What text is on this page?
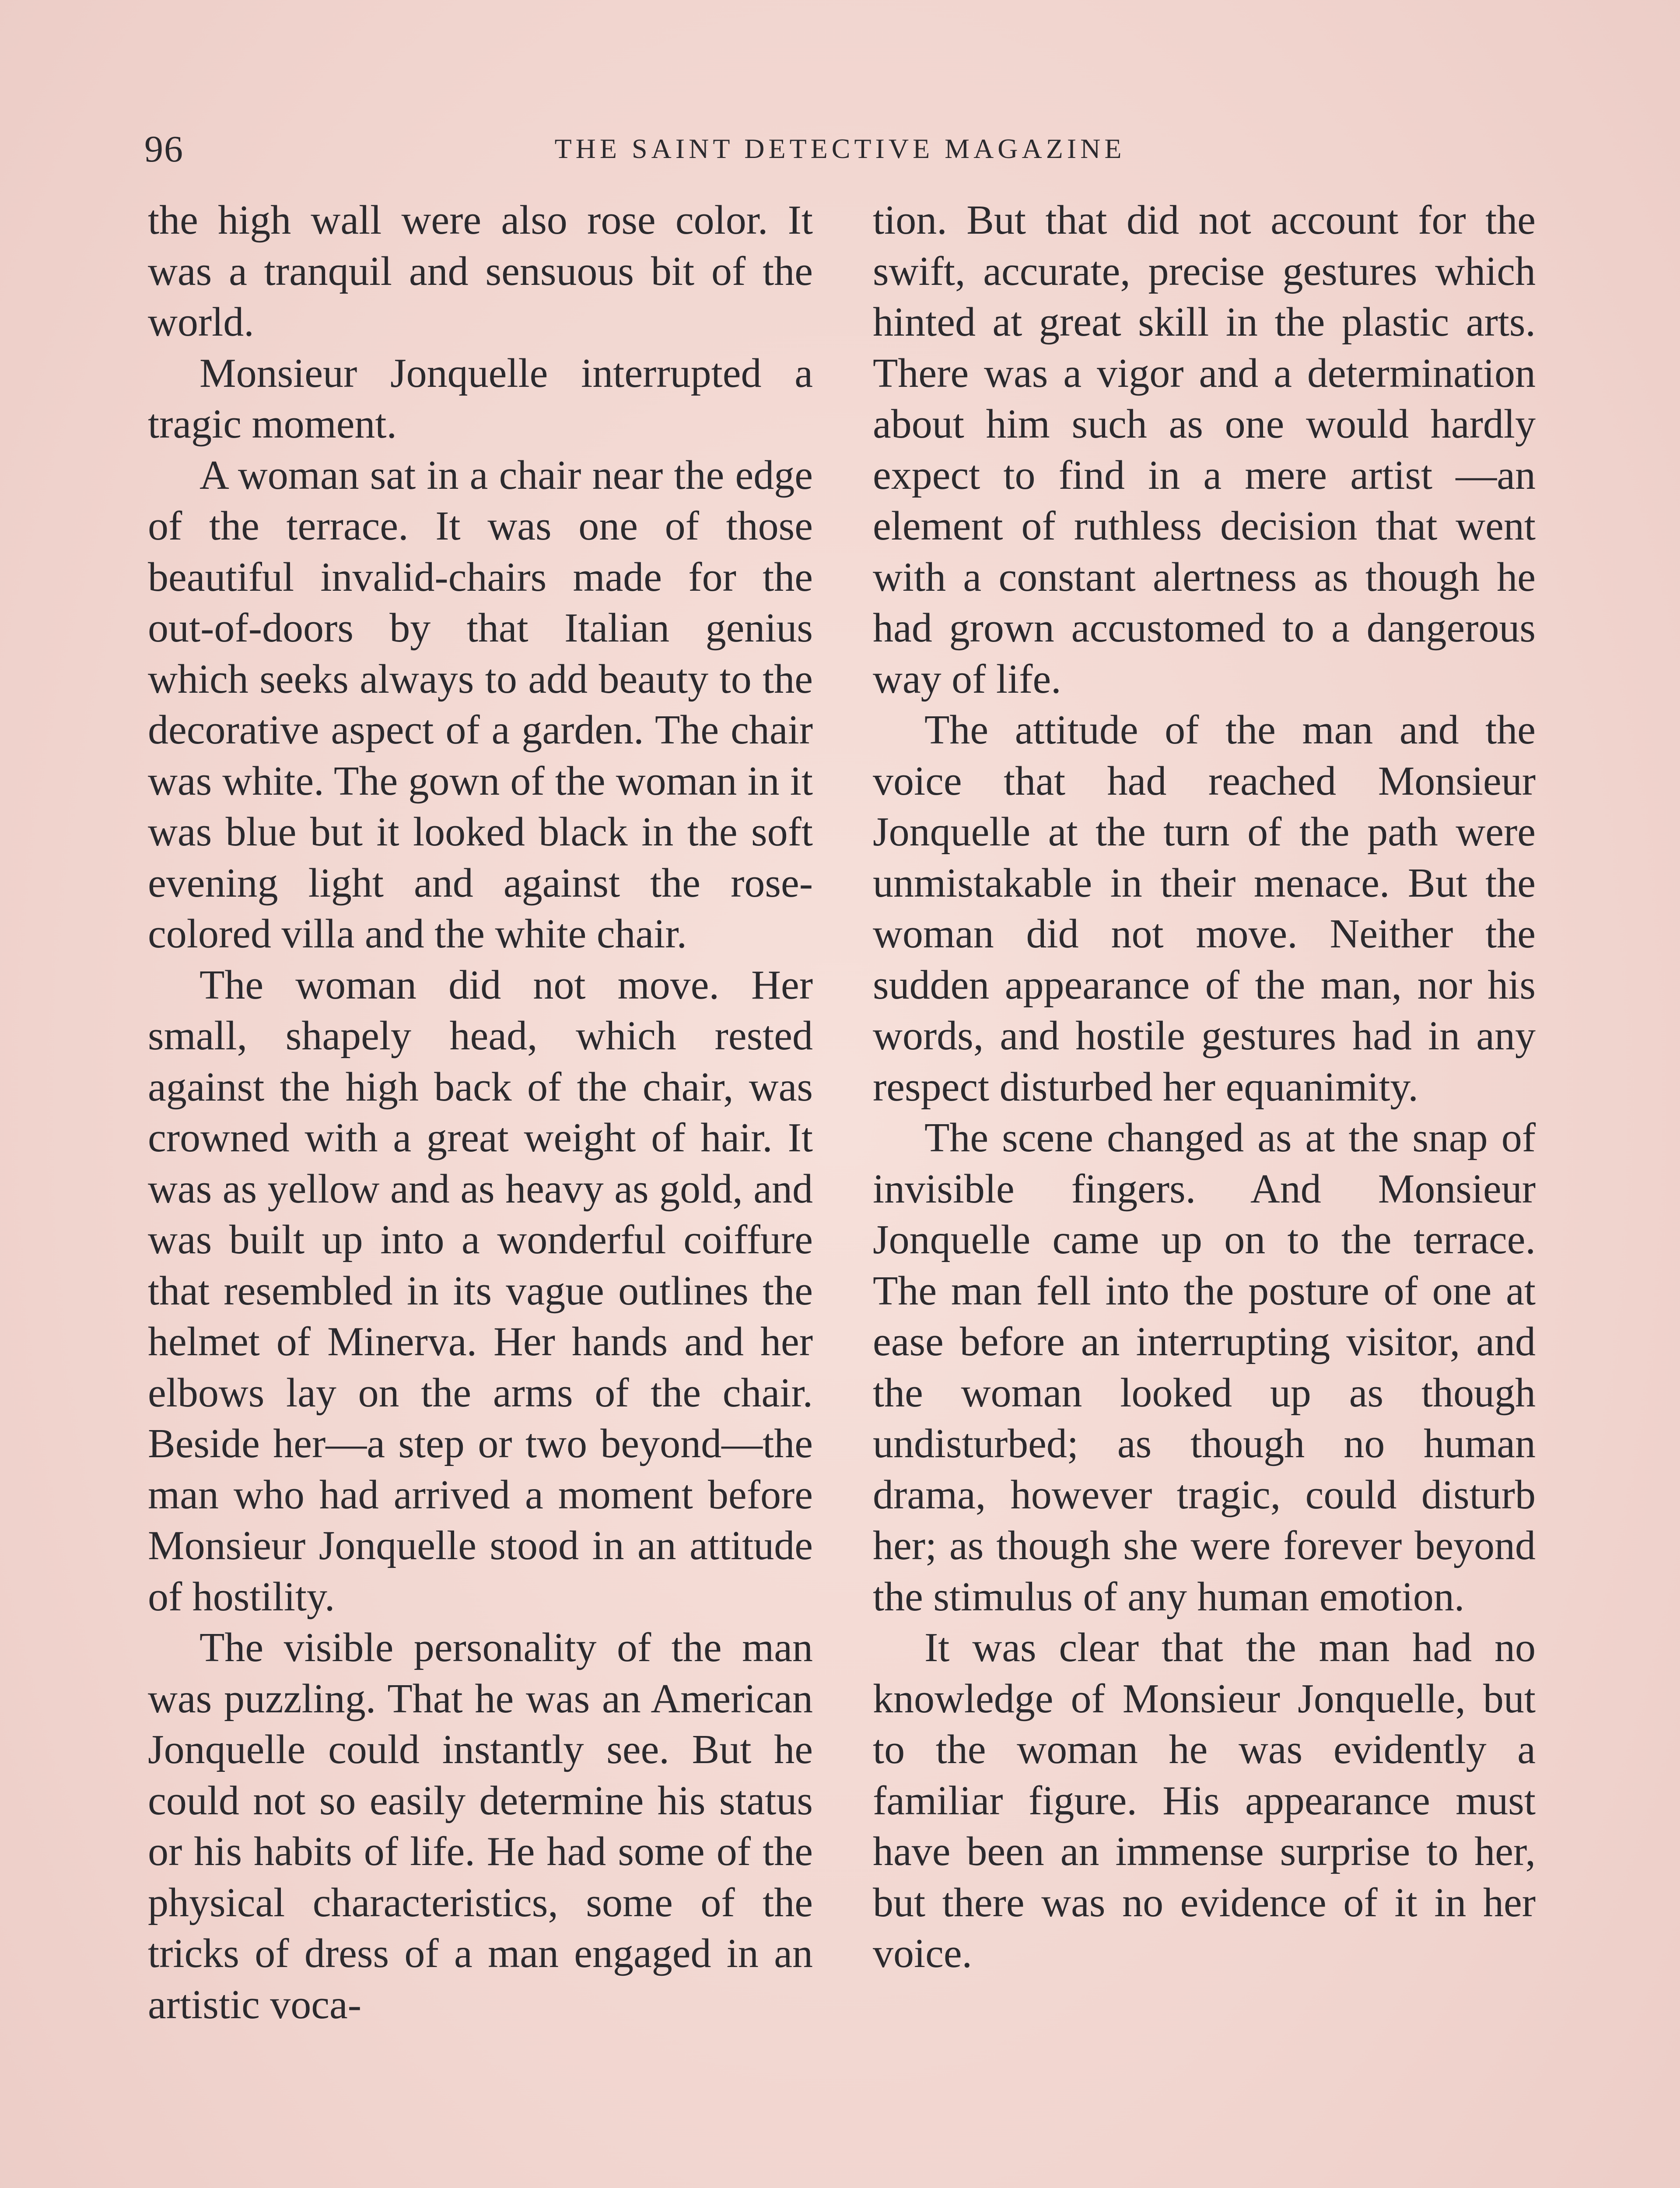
96	THE SAINT DETECTIVE MAGAZINE

the high wall were also rose color. It was a tranquil and sensuous bit of the world.

Monsieur Jonquelle interrupted a tragic moment.

A woman sat in a chair near the edge of the terrace. It was one of those beautiful invalid-chairs made for the out-of-doors by that Italian genius which seeks always to add beauty to the decorative aspect of a garden. The chair was white. The gown of the woman in it was blue but it looked black in the soft evening light and against the rose-colored villa and the white chair.

The woman did not move. Her small, shapely head, which rested against the high back of the chair, was crowned with a great weight of hair. It was as yellow and as heavy as gold, and was built up into a wonderful coiffure that resembled in its vague outlines the helmet of Minerva. Her hands and her elbows lay on the arms of the chair. Beside her—a step or two beyond—the man who had arrived a moment before Monsieur Jonquelle stood in an attitude of hostility.

The visible personality of the man was puzzling. That he was an American Jonquelle could instantly see. But he could not so easily determine his status or his habits of life. He had some of the physical characteristics, some of the tricks of dress of a man engaged in an artistic voca-

tion. But that did not account for the swift, accurate, precise gestures which hinted at great skill in the plastic arts. There was a vigor and a determination about him such as one would hardly expect to find in a mere artist —an element of ruthless decision that went with a constant alertness as though he had grown accustomed to a dangerous way of life.

The attitude of the man and the voice that had reached Monsieur Jonquelle at the turn of the path were unmistakable in their menace. But the woman did not move. Neither the sudden appearance of the man, nor his words, and hostile gestures had in any respect disturbed her equanimity.

The scene changed as at the snap of invisible fingers. And Monsieur Jonquelle came up on to the terrace. The man fell into the posture of one at ease before an interrupting visitor, and the woman looked up as though undisturbed; as though no human drama, however tragic, could disturb her; as though she were forever beyond the stimulus of any human emotion.

It was clear that the man had no knowledge of Monsieur Jonquelle, but to the woman he was evidently a familiar figure. His appearance must have been an immense surprise to her, but there was no evidence of it in her voice.
